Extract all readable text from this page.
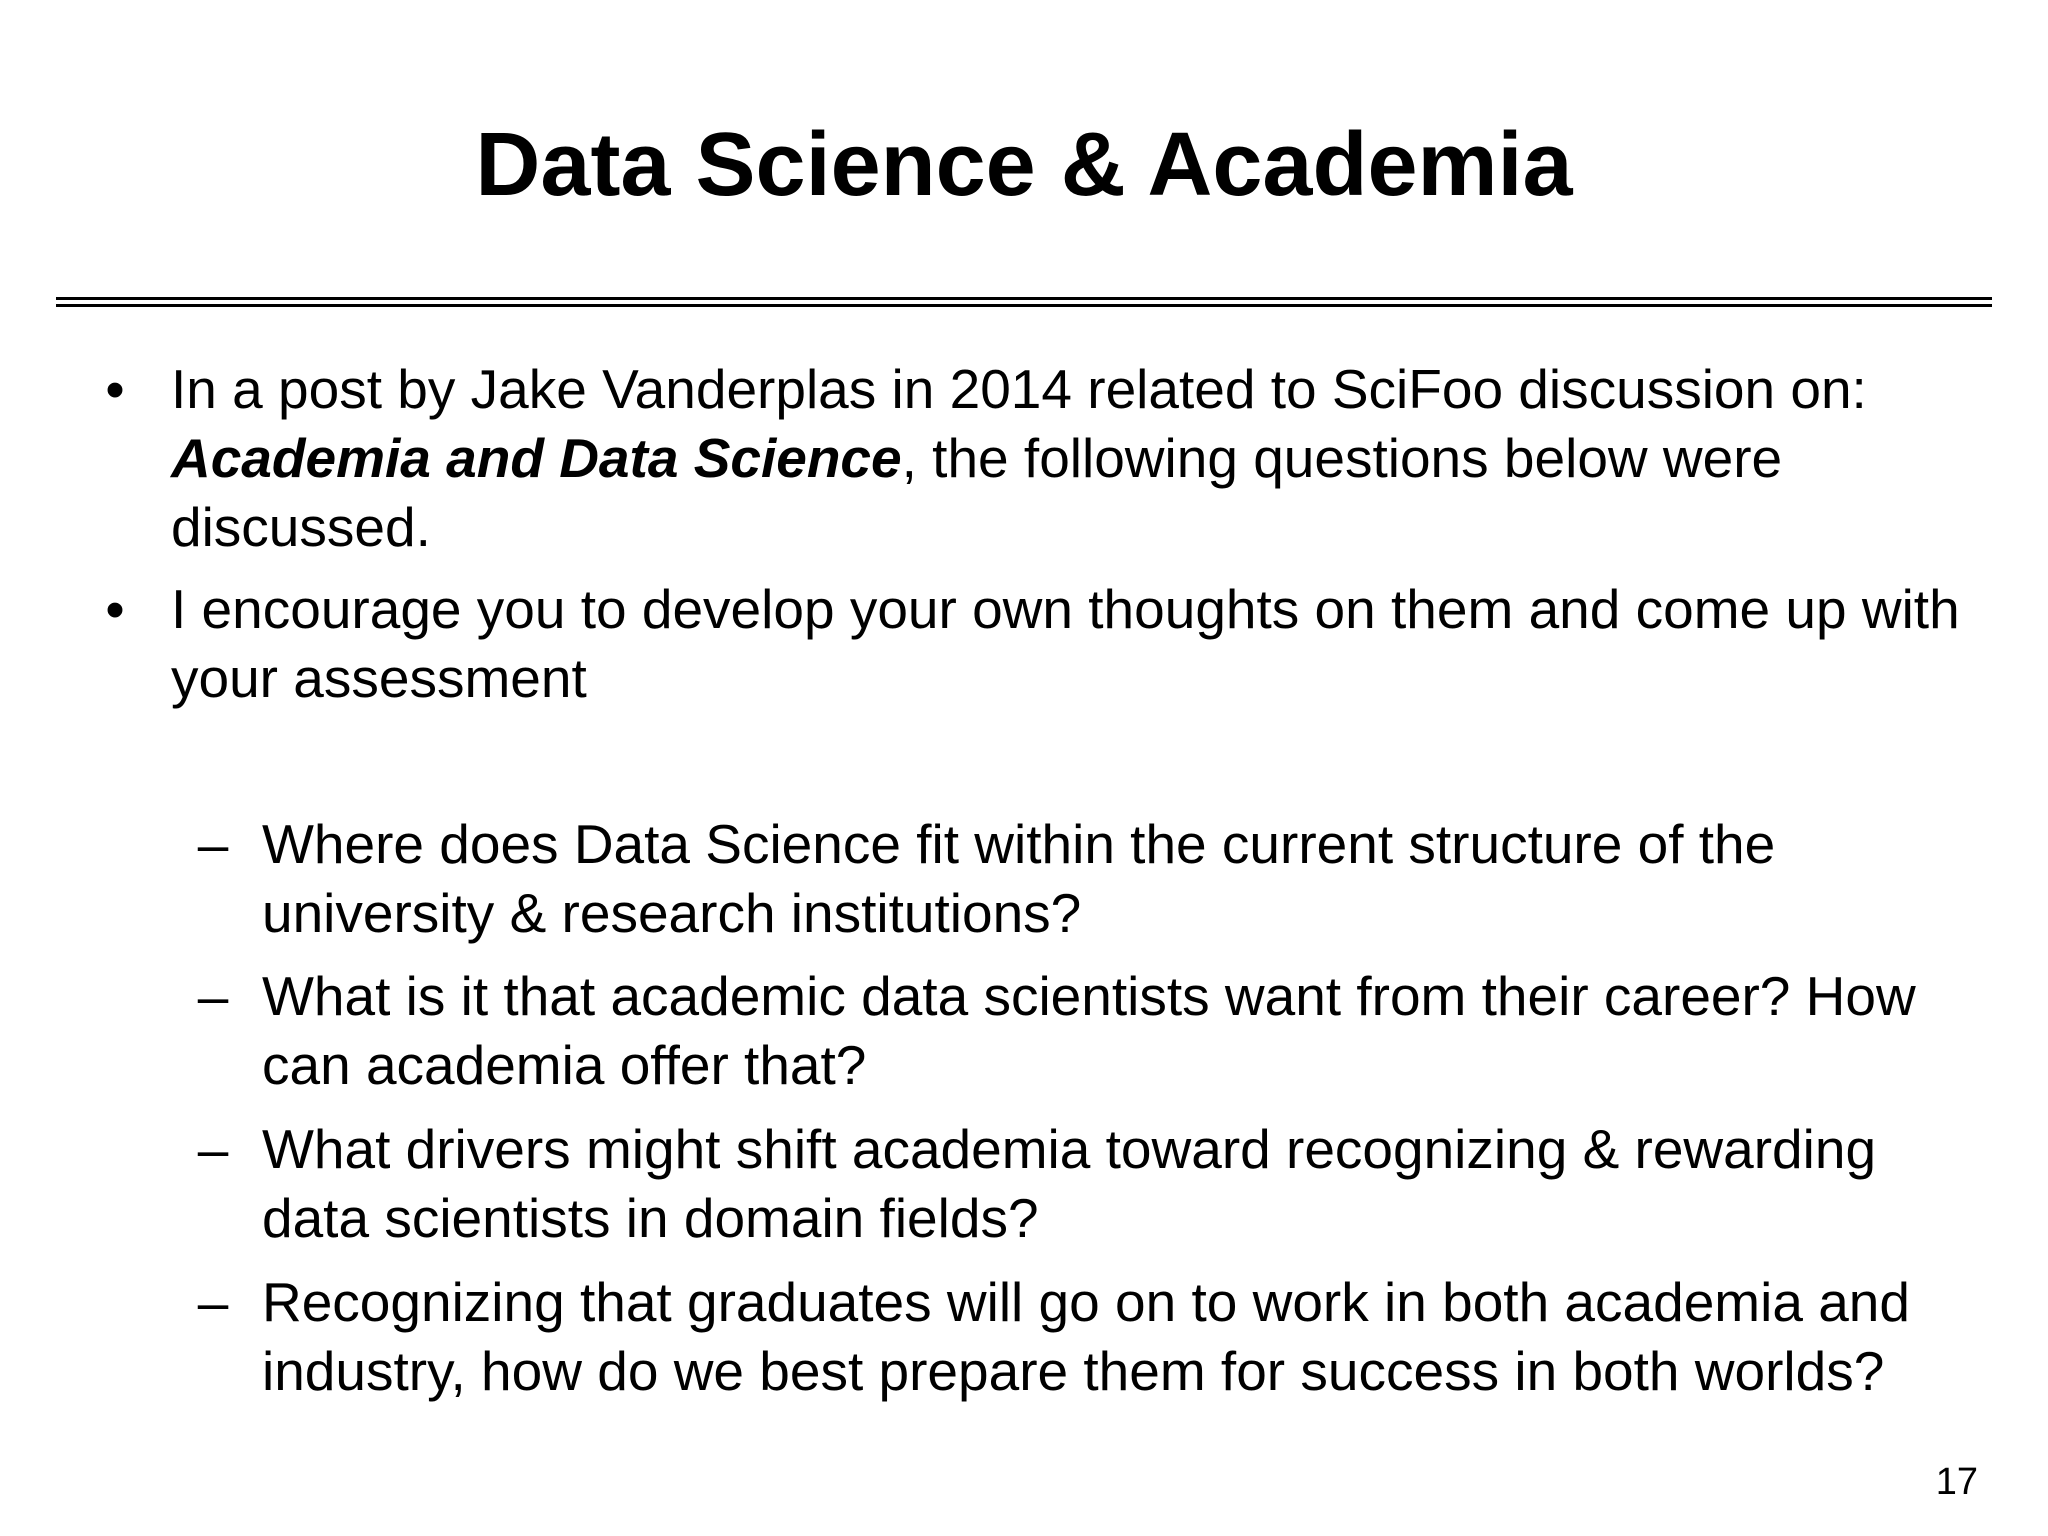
Data Science & Academia
• In a post by Jake Vanderplas in 2014 related to SciFoo discussion on: Academia and Data Science, the following questions below were discussed.
• I encourage you to develop your own thoughts on them and come up with your assessment
– Where does Data Science fit within the current structure of the university & research institutions?
– What is it that academic data scientists want from their career? How can academia offer that?
– What drivers might shift academia toward recognizing & rewarding data scientists in domain fields?
– Recognizing that graduates will go on to work in both academia and industry, how do we best prepare them for success in both worlds?
17
